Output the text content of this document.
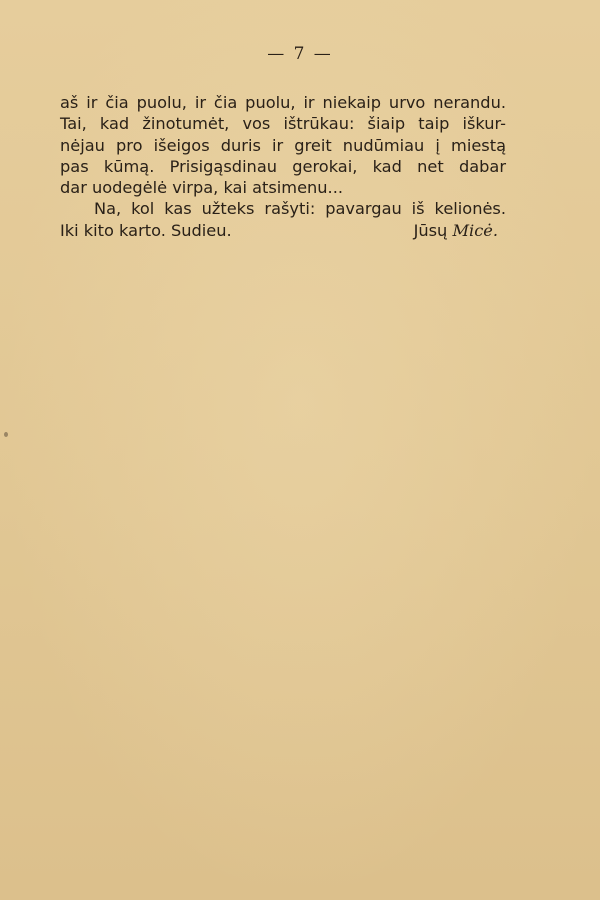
— 7 —
aš ir čia puolu, ir čia puolu, ir niekaip urvo nerandu.
Tai, kad žinotumėt, vos ištrūkau: šiaip taip iškur-
nėjau pro išeigos duris ir greit nudūmiau į miestą
pas kūmą. Prisigąsdinau gerokai, kad net dabar
dar uodegėlė virpa, kai atsimenu...
Na, kol kas užteks rašyti: pavargau iš kelionės.
Iki kito karto. Sudieu.	Jūsų Micė.
